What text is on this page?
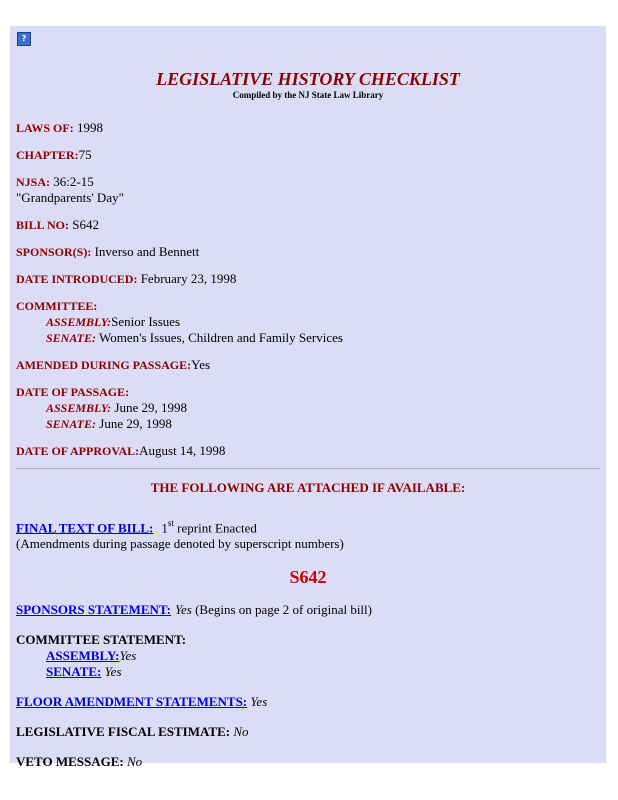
?
LEGISLATIVE HISTORY CHECKLIST
Compiled by the NJ State Law Library

LAWS OF: 1998

CHAPTER:75

NJSA: 36:2-15
"Grandparents' Day"

BILL NO: S642

SPONSOR(S): Inverso and Bennett

DATE INTRODUCED: February 23, 1998

COMMITTEE:
ASSEMBLY:Senior Issues
SENATE: Women's Issues, Children and Family Services

AMENDED DURING PASSAGE:Yes

DATE OF PASSAGE:
ASSEMBLY: June 29, 1998
SENATE: June 29, 1998

DATE OF APPROVAL:August 14, 1998

THE FOLLOWING ARE ATTACHED IF AVAILABLE:

FINAL TEXT OF BILL: 1st reprint Enacted
(Amendments during passage denoted by superscript numbers)

S642

SPONSORS STATEMENT: Yes (Begins on page 2 of original bill)

COMMITTEE STATEMENT:
ASSEMBLY:Yes
SENATE: Yes

FLOOR AMENDMENT STATEMENTS: Yes

LEGISLATIVE FISCAL ESTIMATE: No

VETO MESSAGE: No
